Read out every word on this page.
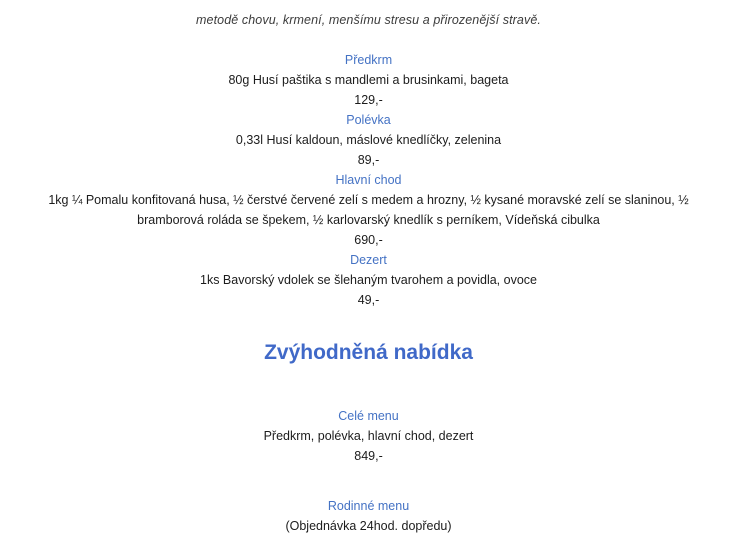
metodě chovu, krmení, menšímu stresu a přirozenější stravě.
Předkrm
80g Husí paštika s mandlemi a brusinkami, bageta
129,-
Polévka
0,33l Husí kaldoun, máslové knedlíčky, zelenina
89,-
Hlavní chod
1kg ¼ Pomalu konfitovaná husa, ½ čerstvé červené zelí s medem a hrozny, ½ kysané moravské zelí se slaninou, ½ bramborová roláda se špekem, ½ karlovarský knedlík s perníkem, Vídeňská cibulka
690,-
Dezert
1ks Bavorský vdolek se šlehaným tvarohem a povidla, ovoce
49,-
Zvýhodněná nabídka
Celé menu
Předkrm, polévka, hlavní chod, dezert
849,-
Rodinné menu
(Objednávka 24hod. dopředu)
